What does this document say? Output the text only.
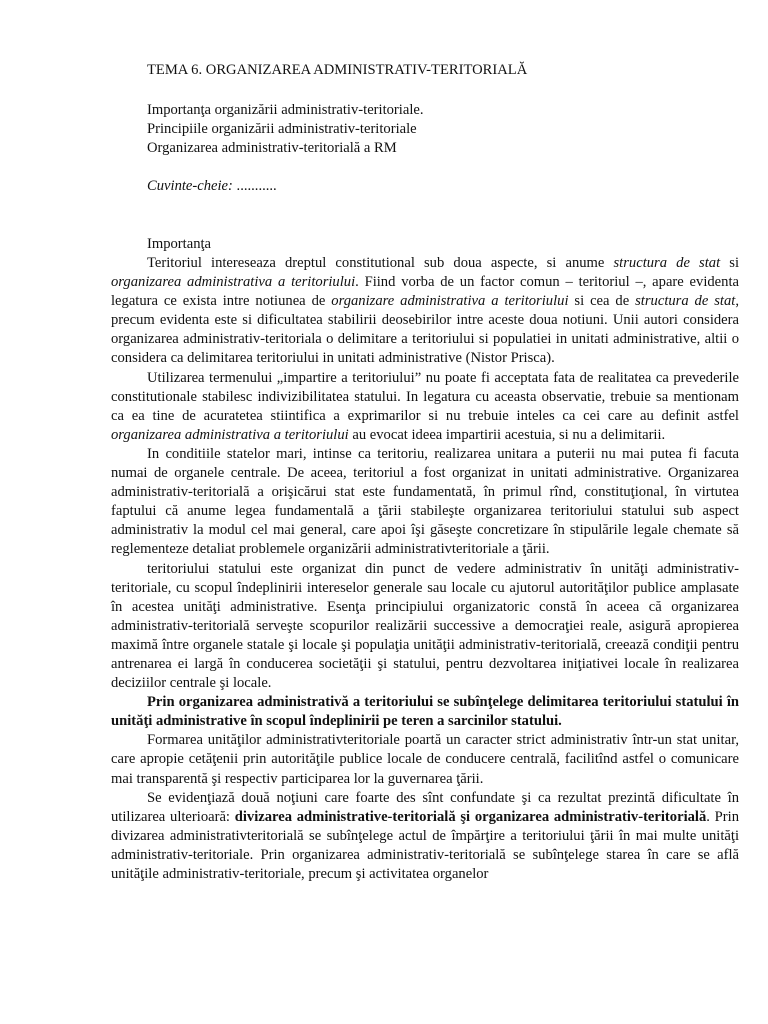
TEMA 6. ORGANIZAREA ADMINISTRATIV-TERITORIALĂ
Importanţa organizării administrativ-teritoriale.
Principiile organizării administrativ-teritoriale
Organizarea administrativ-teritorială a RM
Cuvinte-cheie: ...........
Importanţa

Teritoriul intereseaza dreptul constitutional sub doua aspecte, si anume structura de stat si organizarea administrativa a teritoriului. Fiind vorba de un factor comun – teritoriul –, apare evidenta legatura ce exista intre notiunea de organizare administrativa a teritoriului si cea de structura de stat, precum evidenta este si dificultatea stabilirii deosebirilor intre aceste doua notiuni. Unii autori considera organizarea administrativ-teritoriala o delimitare a teritoriului si populatiei in unitati administrative, altii o considera ca delimitarea teritoriului in unitati administrative (Nistor Prisca).

Utilizarea termenului „impartire a teritoriului” nu poate fi acceptata fata de realitatea ca prevederile constitutionale stabilesc indivizibilitatea statului. In legatura cu aceasta observatie, trebuie sa mentionam ca ea tine de acuratetea stiintifica a exprimarilor si nu trebuie inteles ca cei care au definit astfel organizarea administrativa a teritoriului au evocat ideea impartirii acestuia, si nu a delimitarii.

In conditiile statelor mari, intinse ca teritoriu, realizarea unitara a puterii nu mai putea fi facuta numai de organele centrale. De aceea, teritoriul a fost organizat in unitati administrative. Organizarea administrativ-teritorială a orişicărui stat este fundamentată, în primul rînd, constituţional, în virtutea faptului că anume legea fundamentală a ţării stabileşte organizarea teritoriului statului sub aspect administrativ la modul cel mai general, care apoi îşi găseşte concretizare în stipulările legale chemate să reglementeze detaliat problemele organizării administrativteritoriale a ţării.

teritoriului statului este organizat din punct de vedere administrativ în unităţi administrativ-teritoriale, cu scopul îndeplinirii intereselor generale sau locale cu ajutorul autorităţilor publice amplasate în acestea unităţi administrative. Esenţa principiului organizatoric constă în aceea că organizarea administrativ-teritorială serveşte scopurilor realizării successive a democraţiei reale, asigură apropierea maximă între organele statale şi locale şi populaţia unităţii administrativ-teritorială, creează condiţii pentru antrenarea ei largă în conducerea societăţii şi statului, pentru dezvoltarea iniţiativei locale în realizarea deciziilor centrale şi locale.

Prin organizarea administrativă a teritoriului se subînţelege delimitarea teritoriului statului în unităţi administrative în scopul îndeplinirii pe teren a sarcinilor statului.

Formarea unităţilor administrativteritoriale poartă un caracter strict administrativ într-un stat unitar, care apropie cetăţenii prin autorităţile publice locale de conducere centrală, facilitînd astfel o comunicare mai transparentă şi respectiv participarea lor la guvernarea ţării.

Se evidenţiază două noţiuni care foarte des sînt confundate şi ca rezultat prezintă dificultate în utilizarea ulterioară: divizarea administrative-teritorială şi organizarea administrativ-teritorială. Prin divizarea administrativteritorială se subînţelege actul de împărţire a teritoriului ţării în mai multe unităţi administrativ-teritoriale. Prin organizarea administrativ-teritorială se subînţelege starea în care se află unităţile administrativ-teritoriale, precum şi activitatea organelor
